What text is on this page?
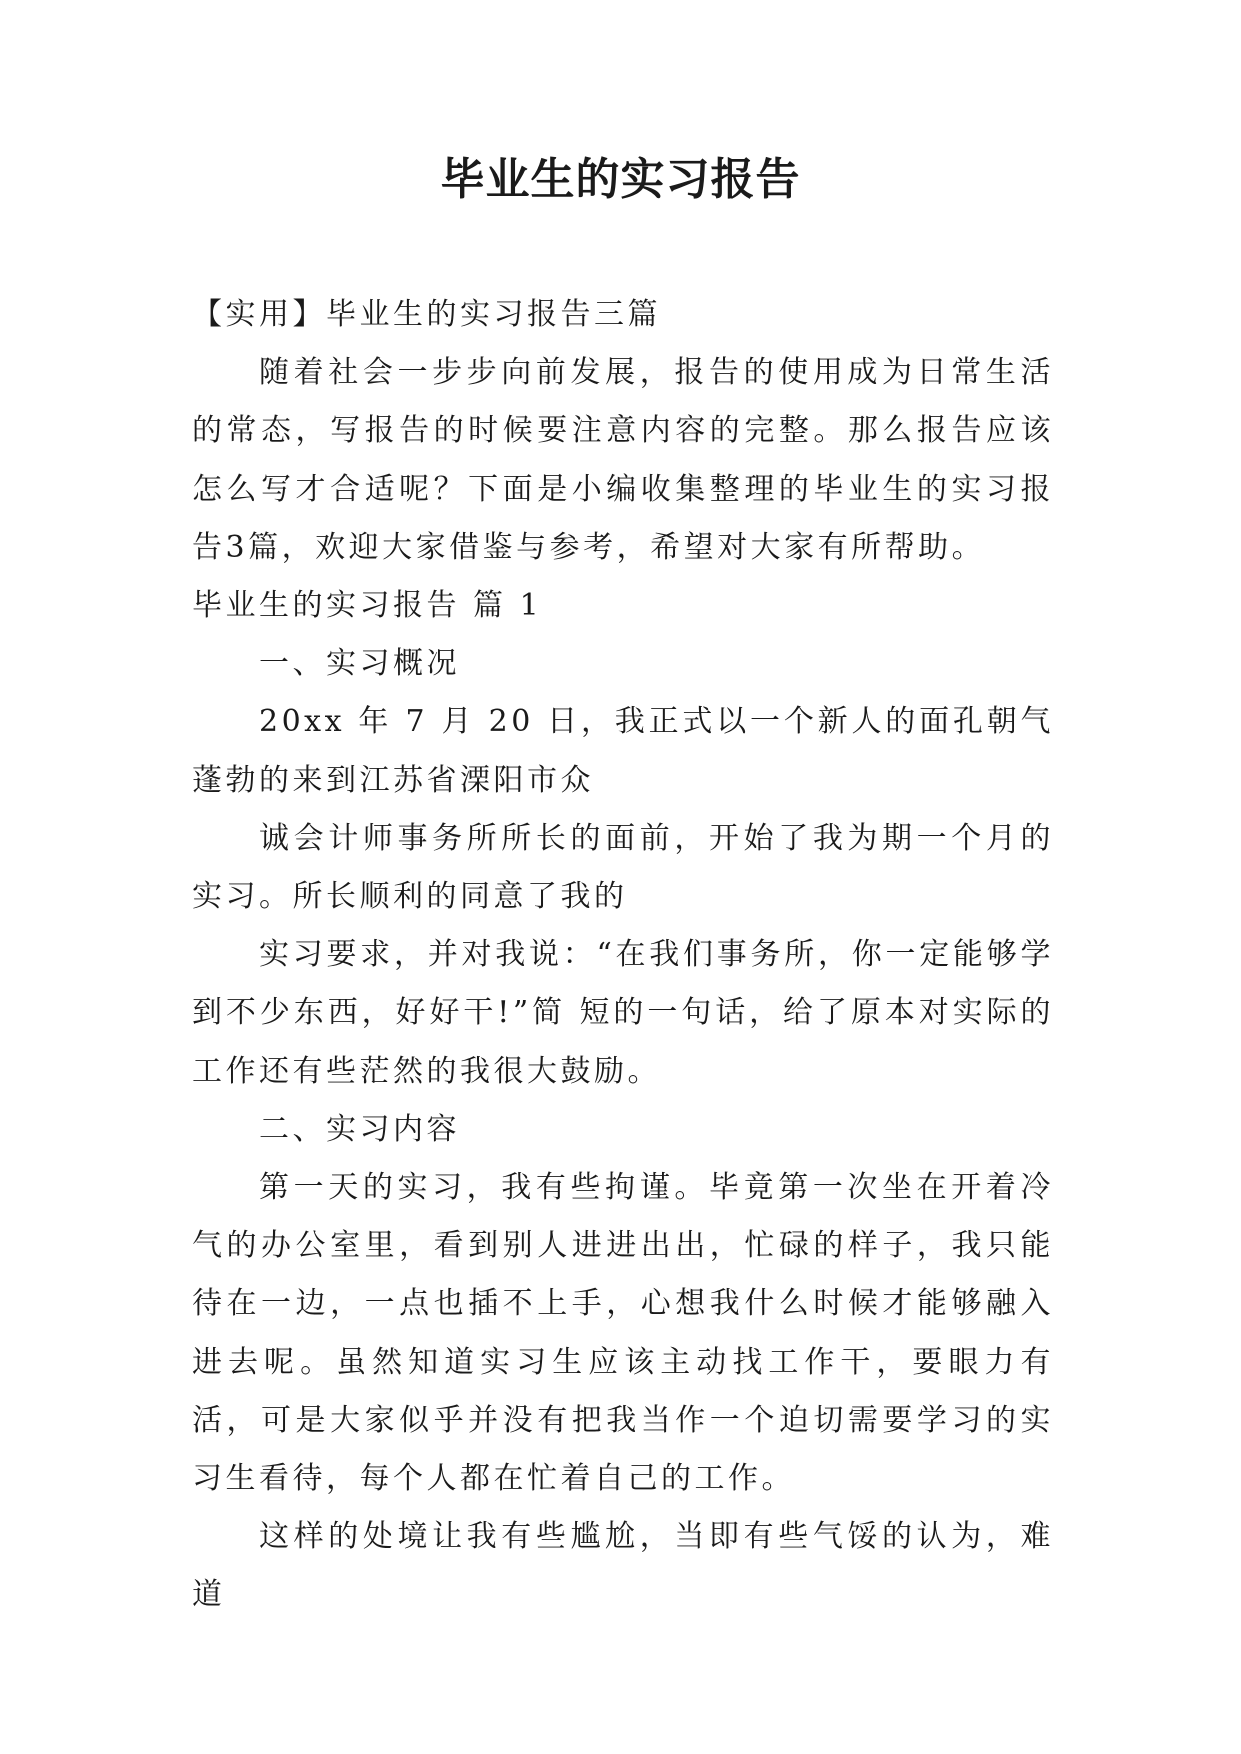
毕业生的实习报告

【实用】毕业生的实习报告三篇

随着社会一步步向前发展，报告的使用成为日常生活的常态，写报告的时候要注意内容的完整。那么报告应该怎么写才合适呢？下面是小编收集整理的毕业生的实习报告3篇，欢迎大家借鉴与参考，希望对大家有所帮助。

毕业生的实习报告 篇 1

一、实习概况

20xx 年 7 月 20 日，我正式以一个新人的面孔朝气蓬勃的来到江苏省溧阳市众

诚会计师事务所所长的面前，开始了我为期一个月的实习。所长顺利的同意了我的

实习要求，并对我说：“在我们事务所，你一定能够学到不少东西，好好干!”简 短的一句话，给了原本对实际的工作还有些茫然的我很大鼓励。

二、实习内容

第一天的实习，我有些拘谨。毕竟第一次坐在开着冷气的办公室里，看到别人进进出出，忙碌的样子，我只能待在一边，一点也插不上手，心想我什么时候才能够融入进去呢。虽然知道实习生应该主动找工作干，要眼力有活，可是大家似乎并没有把我当作一个迫切需要学习的实习生看待，每个人都在忙着自己的工作。

这样的处境让我有些尴尬，当即有些气馁的认为，难道
